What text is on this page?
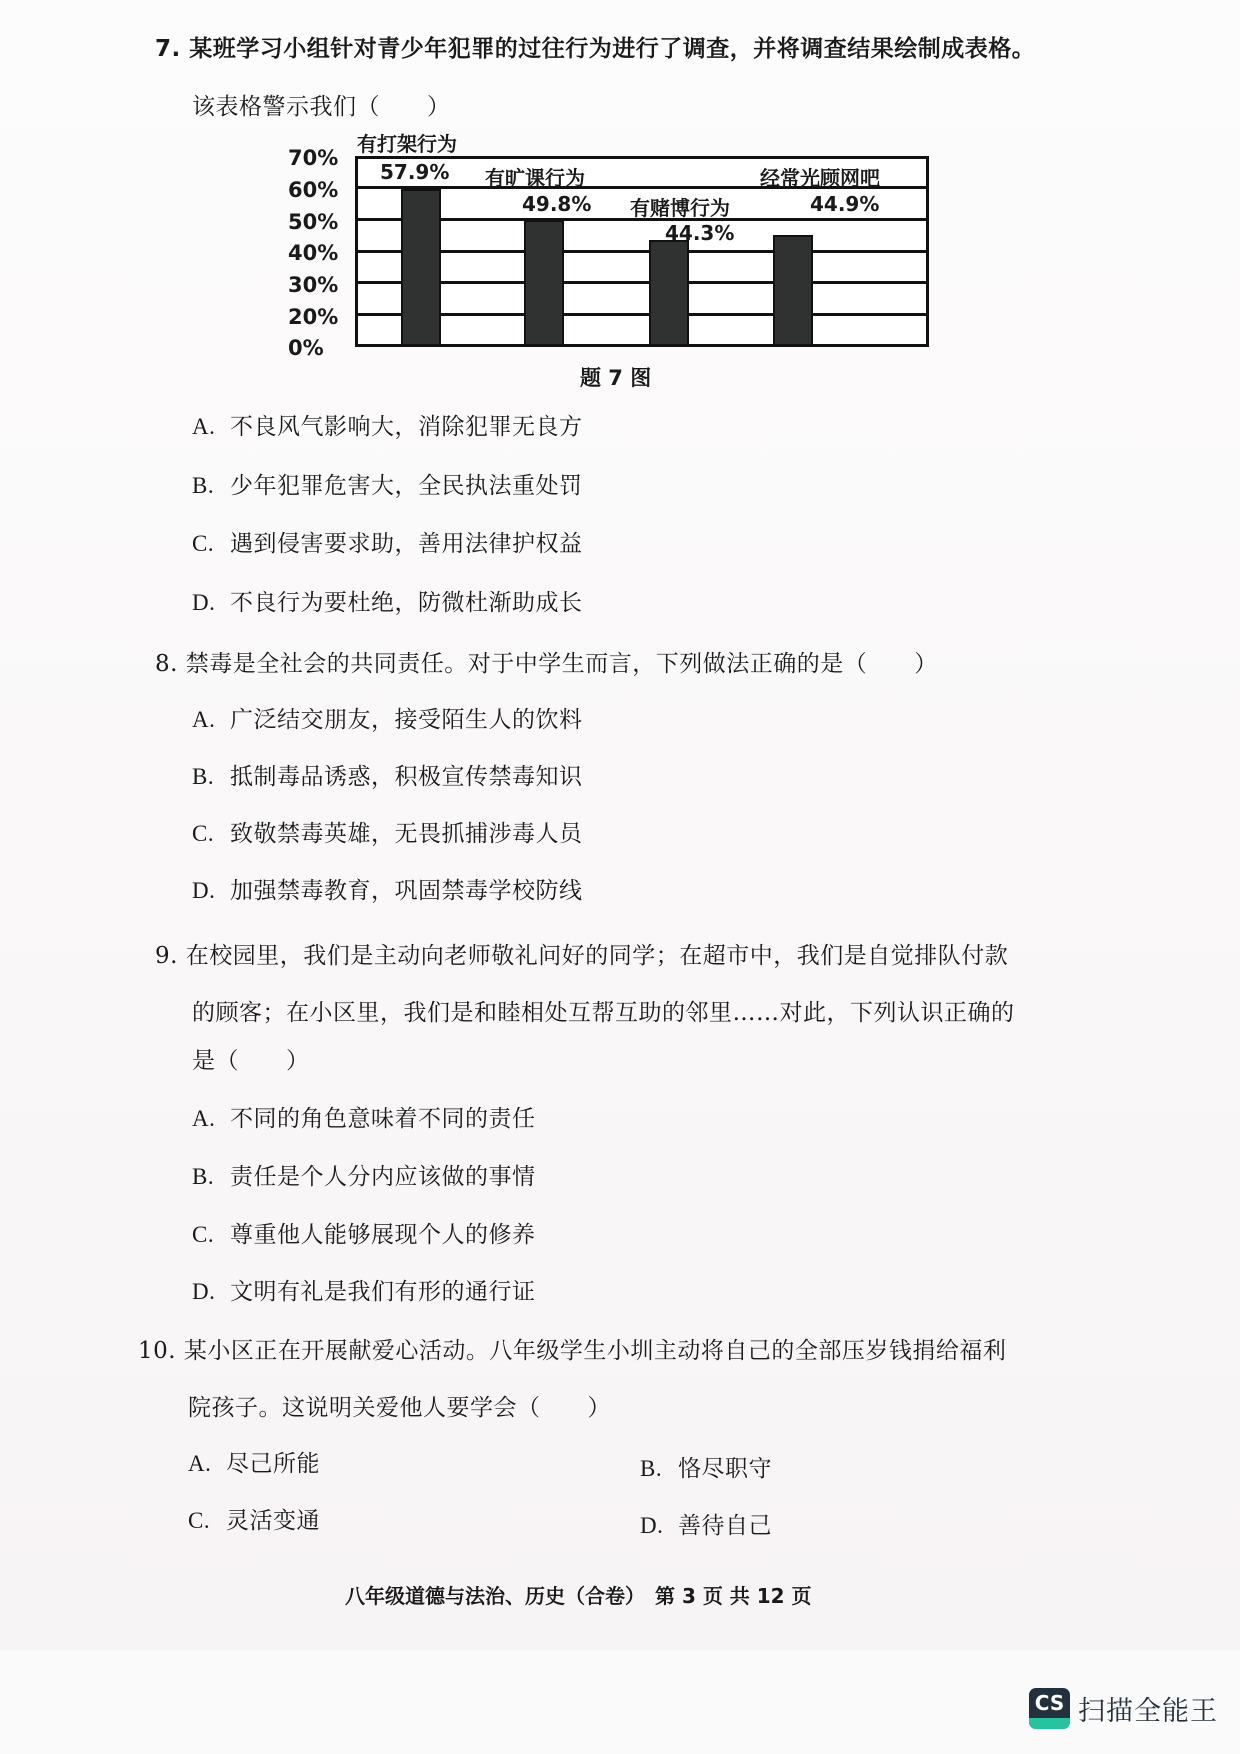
7. 某班学习小组针对青少年犯罪的过往行为进行了调查，并将调查结果绘制成表格。
该表格警示我们（　　）
70%
60%
50%
40%
30%
20%
0%
有打架行为
57.9% 有旷课行为
49.8% 有赌博行为
44.3%
经常光顾网吧
44.9%
题 7 图
A. 不良风气影响大，消除犯罪无良方
B. 少年犯罪危害大，全民执法重处罚
C. 遇到侵害要求助，善用法律护权益
D. 不良行为要杜绝，防微杜渐助成长
8. 禁毒是全社会的共同责任。对于中学生而言，下列做法正确的是（　　）
A. 广泛结交朋友，接受陌生人的饮料
B. 抵制毒品诱惑，积极宣传禁毒知识
C. 致敬禁毒英雄，无畏抓捕涉毒人员
D. 加强禁毒教育，巩固禁毒学校防线
9. 在校园里，我们是主动向老师敬礼问好的同学；在超市中，我们是自觉排队付款
的顾客；在小区里，我们是和睦相处互帮互助的邻里……对此，下列认识正确的
是（　　）
A. 不同的角色意味着不同的责任
B. 责任是个人分内应该做的事情
C. 尊重他人能够展现个人的修养
D. 文明有礼是我们有形的通行证
10. 某小区正在开展献爱心活动。八年级学生小圳主动将自己的全部压岁钱捐给福利
院孩子。这说明关爱他人要学会（　　）
A. 尽己所能	B. 恪尽职守
C. 灵活变通	D. 善待自己
八年级道德与法治、历史（合卷）　第 3 页 共 12 页
CS 扫描全能王
